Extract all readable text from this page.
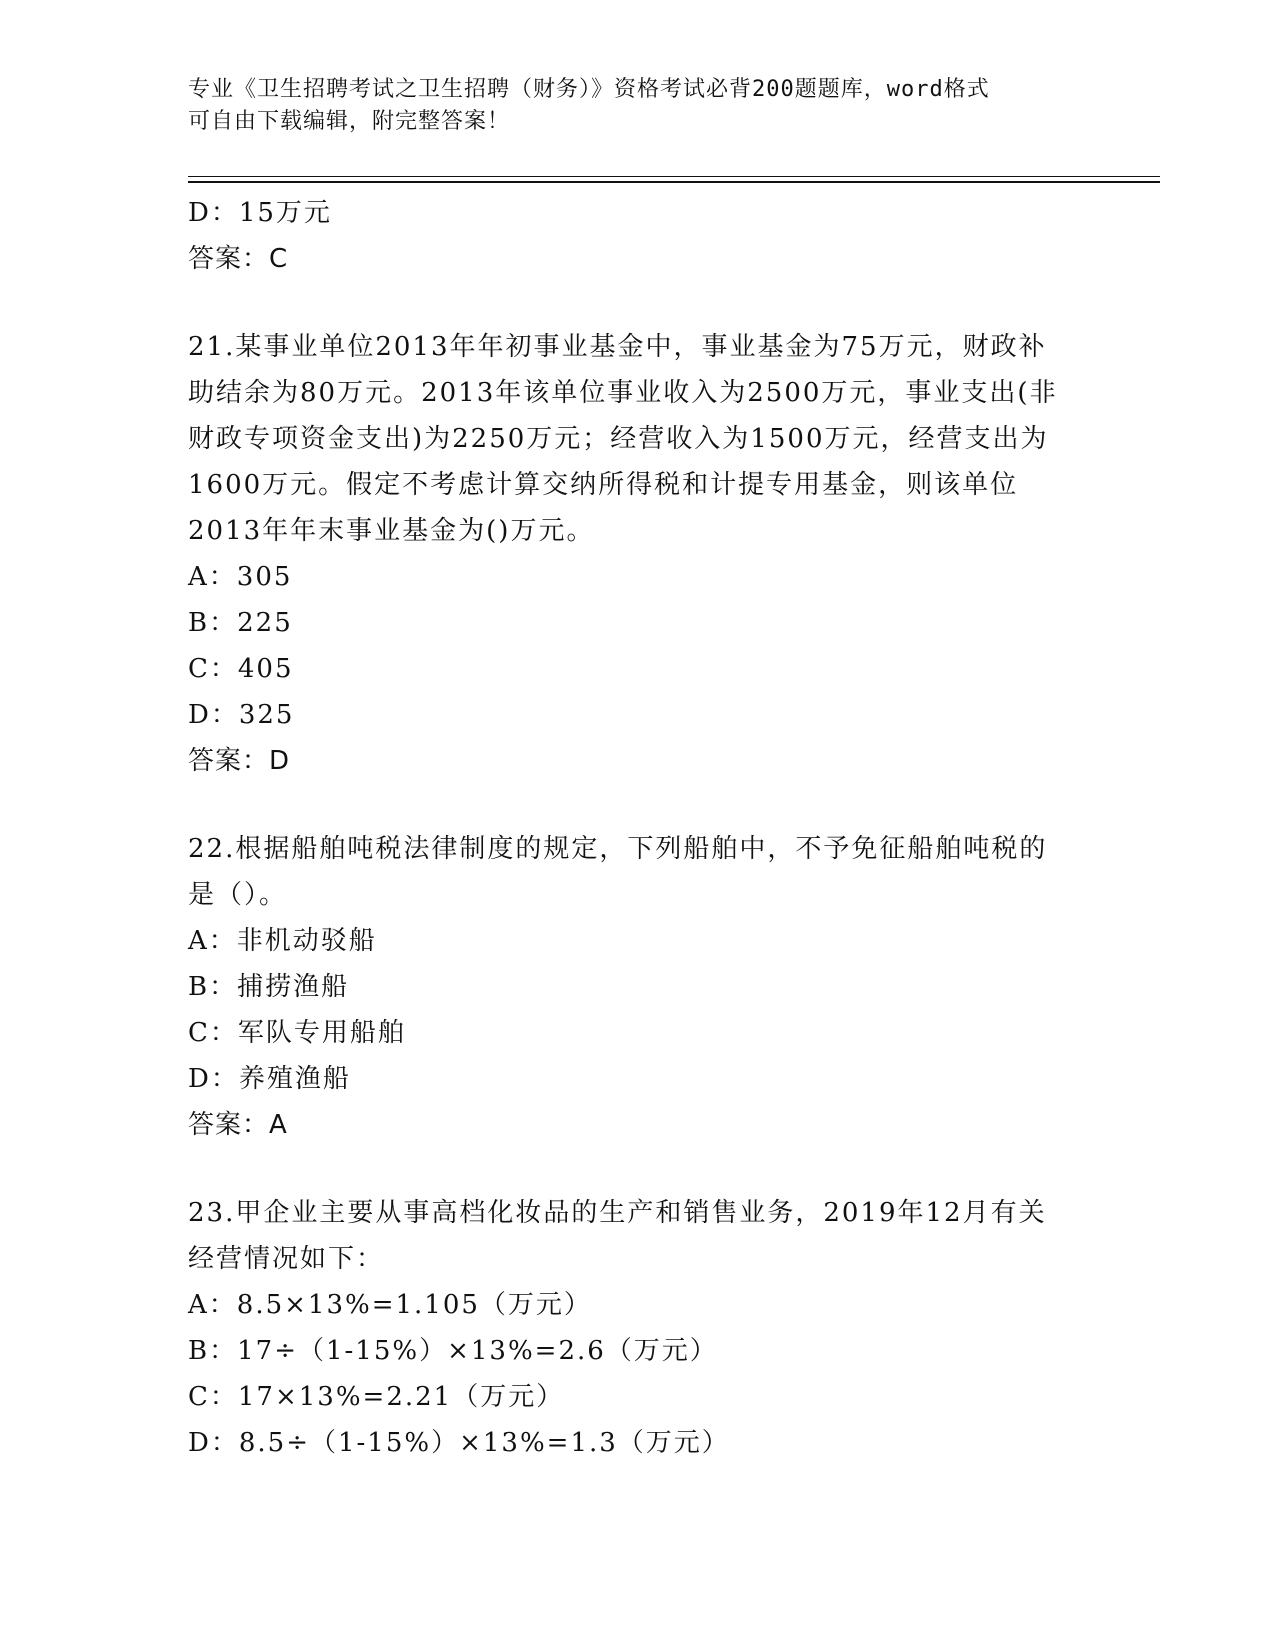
专业《卫生招聘考试之卫生招聘（财务）》资格考试必背200题题库，word格式
可自由下载编辑，附完整答案！
D：15万元
答案：C
21.某事业单位2013年年初事业基金中，事业基金为75万元，财政补
助结余为80万元。2013年该单位事业收入为2500万元，事业支出(非
财政专项资金支出)为2250万元；经营收入为1500万元，经营支出为
1600万元。假定不考虑计算交纳所得税和计提专用基金，则该单位
2013年年末事业基金为()万元。
A：305
B：225
C：405
D：325
答案：D
22.根据船舶吨税法律制度的规定，下列船舶中，不予免征船舶吨税的
是（）。
A：非机动驳船
B：捕捞渔船
C：军队专用船舶
D：养殖渔船
答案：A
23.甲企业主要从事高档化妆品的生产和销售业务，2019年12月有关
经营情况如下：
A：8.5×13%=1.105（万元）
B：17÷（1-15%）×13%=2.6（万元）
C：17×13%=2.21（万元）
D：8.5÷（1-15%）×13%=1.3（万元）
